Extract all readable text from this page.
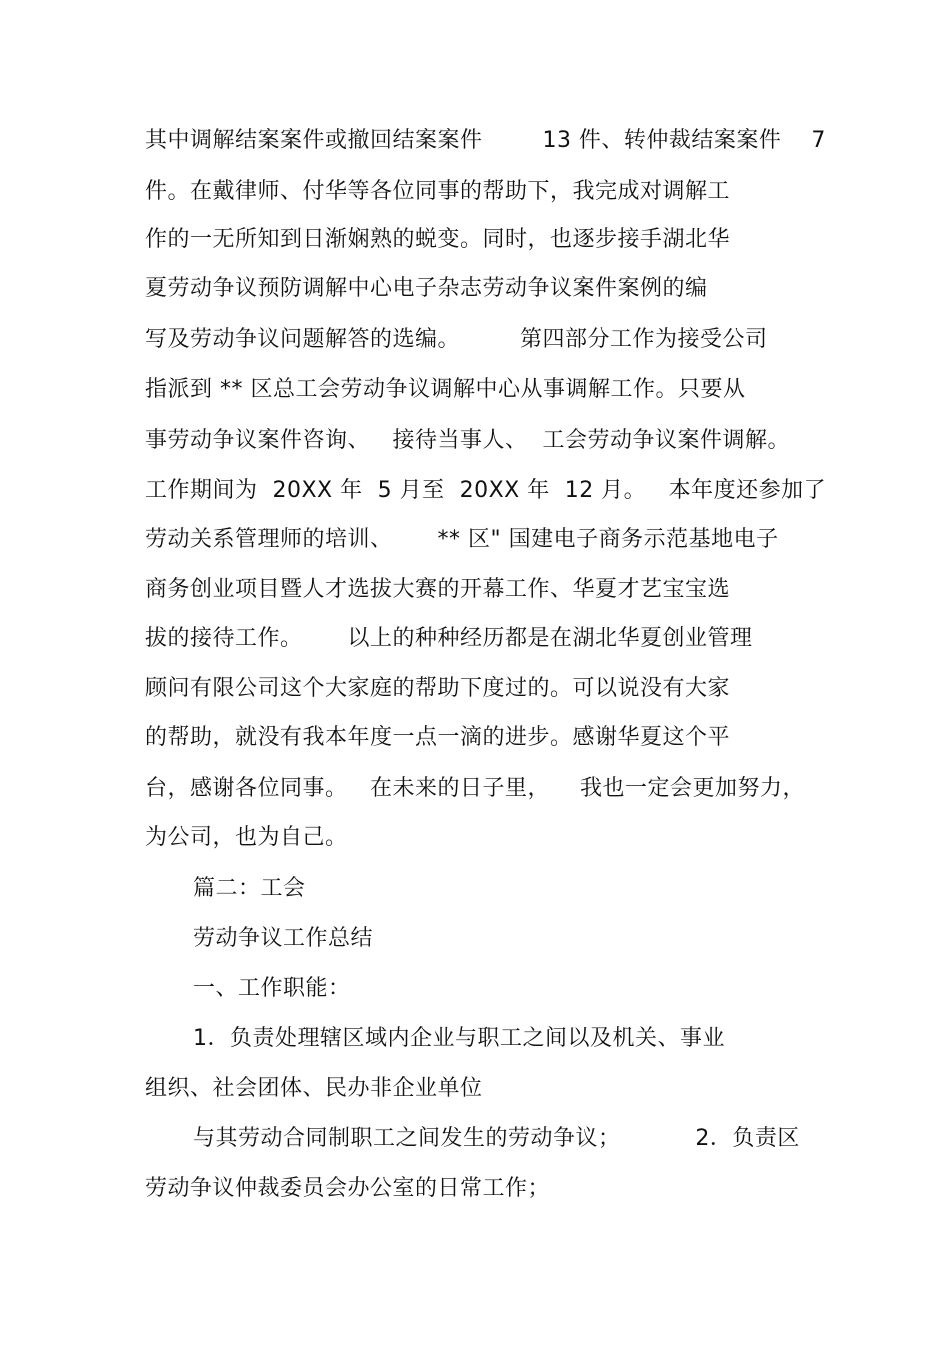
其中调解结案案件或撤回结案案件        13 件、转仲裁结案案件    7
件。在戴律师、付华等各位同事的帮助下，我完成对调解工
作的一无所知到日渐娴熟的蜕变。同时，也逐步接手湖北华
夏劳动争议预防调解中心电子杂志劳动争议案件案例的编
写及劳动争议问题解答的选编。        第四部分工作为接受公司
指派到 ** 区总工会劳动争议调解中心从事调解工作。只要从
事劳动争议案件咨询、   接待当事人、  工会劳动争议案件调解。
工作期间为  20XX 年  5 月至  20XX 年  12 月。   本年度还参加了
劳动关系管理师的培训、      ** 区" 国建电子商务示范基地电子
商务创业项目暨人才选拔大赛的开幕工作、华夏才艺宝宝选
拔的接待工作。      以上的种种经历都是在湖北华夏创业管理
顾问有限公司这个大家庭的帮助下度过的。可以说没有大家
的帮助，就没有我本年度一点一滴的进步。感谢华夏这个平
台，感谢各位同事。   在未来的日子里，    我也一定会更加努力，
为公司，也为自己。
篇二：工会
劳动争议工作总结
一、工作职能：
1．负责处理辖区域内企业与职工之间以及机关、事业
组织、社会团体、民办非企业单位
与其劳动合同制职工之间发生的劳动争议；          2．负责区
劳动争议仲裁委员会办公室的日常工作；
